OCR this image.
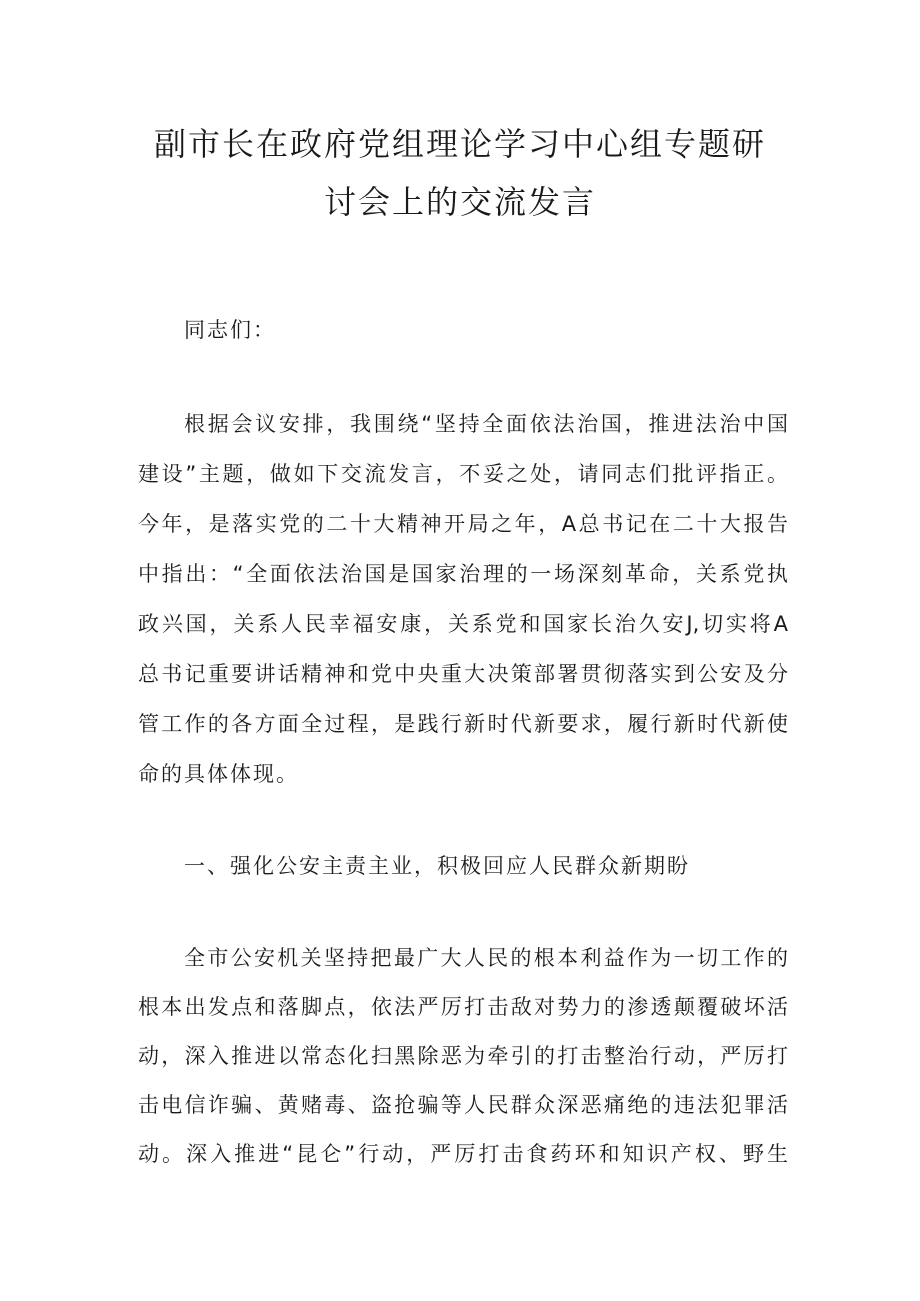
副市长在政府党组理论学习中心组专题研
讨会上的交流发言

同志们：

根据会议安排，我围绕“坚持全面依法治国，推进法治中国

建设”主题，做如下交流发言，不妥之处，请同志们批评指正。

今年，是落实党的二十大精神开局之年，A总书记在二十大报告

中指出：“全面依法治国是国家治理的一场深刻革命，关系党执

政兴国，关系人民幸福安康，关系党和国家长治久安J,切实将A

总书记重要讲话精神和党中央重大决策部署贯彻落实到公安及分

管工作的各方面全过程，是践行新时代新要求，履行新时代新使

命的具体体现。

一、强化公安主责主业，积极回应人民群众新期盼

全市公安机关坚持把最广大人民的根本利益作为一切工作的

根本出发点和落脚点，依法严厉打击敌对势力的渗透颠覆破坏活

动，深入推进以常态化扫黑除恶为牵引的打击整治行动，严厉打

击电信诈骗、黄赌毒、盗抢骗等人民群众深恶痛绝的违法犯罪活

动。深入推进“昆仑”行动，严厉打击食药环和知识产权、野生
